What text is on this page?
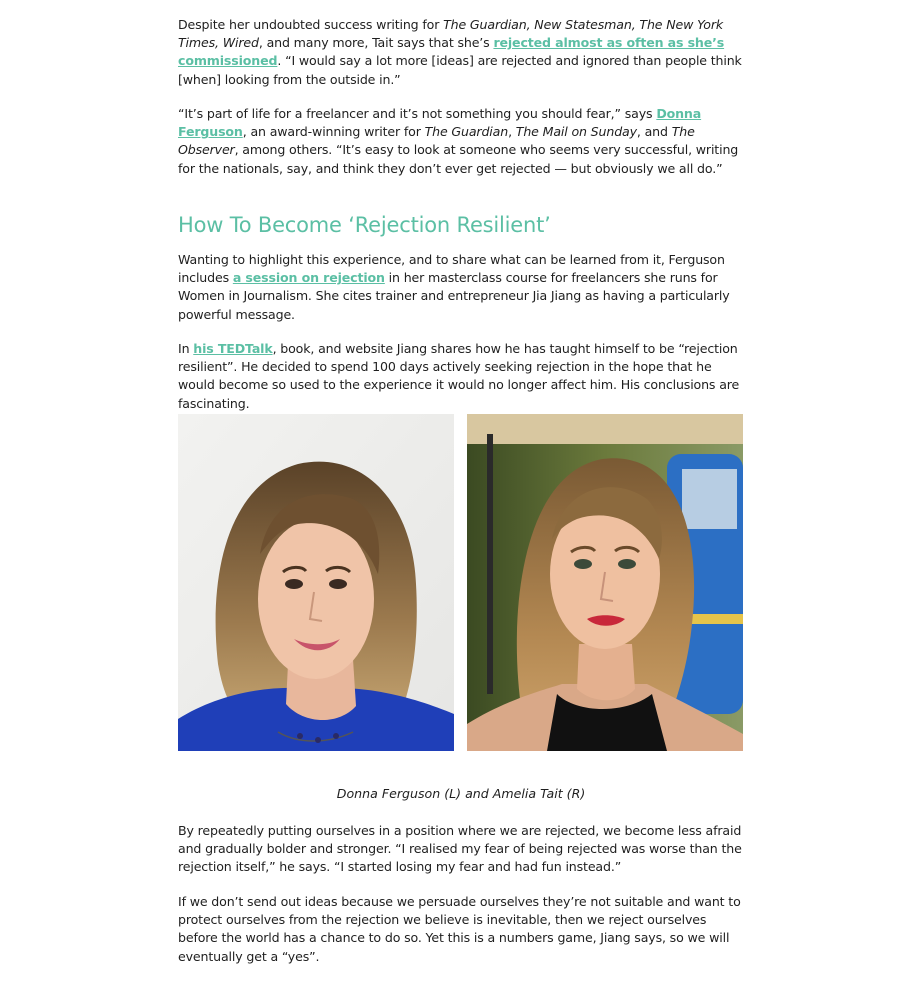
Despite her undoubted success writing for The Guardian, New Statesman, The New York Times, Wired, and many more, Tait says that she’s rejected almost as often as she’s commissioned. “I would say a lot more [ideas] are rejected and ignored than people think [when] looking from the outside in.”

“It’s part of life for a freelancer and it’s not something you should fear,” says Donna Ferguson, an award-winning writer for The Guardian, The Mail on Sunday, and The Observer, among others. “It’s easy to look at someone who seems very successful, writing for the nationals, say, and think they don’t ever get rejected — but obviously we all do.”

How To Become ‘Rejection Resilient’

Wanting to highlight this experience, and to share what can be learned from it, Ferguson includes a session on rejection in her masterclass course for freelancers she runs for Women in Journalism. She cites trainer and entrepreneur Jia Jiang as having a particularly powerful message.

In his TEDTalk, book, and website Jiang shares how he has taught himself to be “rejection resilient”. He decided to spend 100 days actively seeking rejection in the hope that he would become so used to the experience it would no longer affect him. His conclusions are fascinating.

Donna Ferguson (L) and Amelia Tait (R)

By repeatedly putting ourselves in a position where we are rejected, we become less afraid and gradually bolder and stronger. “I realised my fear of being rejected was worse than the rejection itself,” he says. “I started losing my fear and had fun instead.”

If we don’t send out ideas because we persuade ourselves they’re not suitable and want to protect ourselves from the rejection we believe is inevitable, then we reject ourselves before the world has a chance to do so. Yet this is a numbers game, Jiang says, so we will eventually get a “yes”.
